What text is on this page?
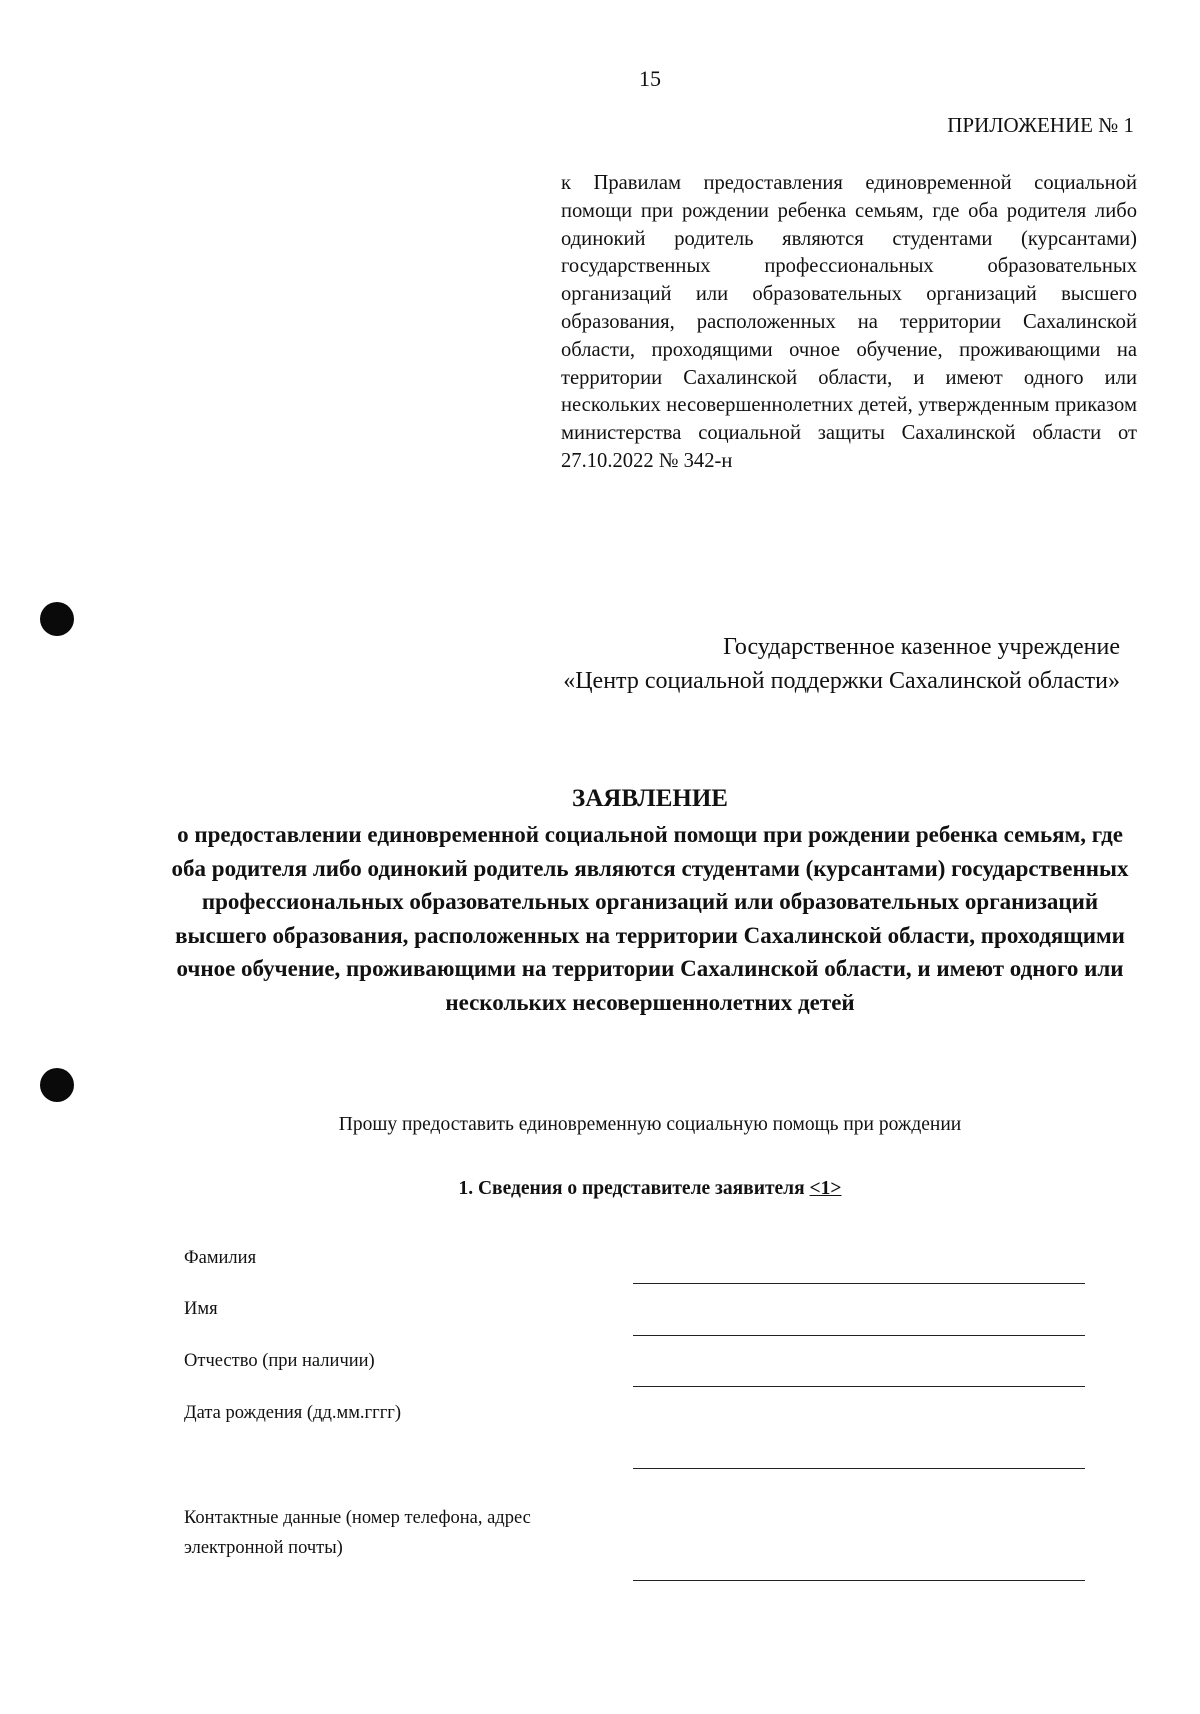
15
ПРИЛОЖЕНИЕ № 1
к Правилам предоставления единовременной социальной помощи при рождении ребенка семьям, где оба родителя либо одинокий родитель являются студентами (курсантами) государственных профессиональных образовательных организаций или образовательных организаций высшего образования, расположенных на территории Сахалинской области, проходящими очное обучение, проживающими на территории Сахалинской области, и имеют одного или нескольких несовершеннолетних детей, утвержденным приказом министерства социальной защиты Сахалинской области от 27.10.2022 № 342-н
Государственное казенное учреждение
«Центр социальной поддержки Сахалинской области»
ЗАЯВЛЕНИЕ
о предоставлении единовременной социальной помощи при рождении ребенка семьям, где оба родителя либо одинокий родитель являются студентами (курсантами) государственных профессиональных образовательных организаций или образовательных организаций высшего образования, расположенных на территории Сахалинской области, проходящими очное обучение, проживающими на территории Сахалинской области, и имеют одного или нескольких несовершеннолетних детей
Прошу предоставить единовременную социальную помощь при рождении
1. Сведения о представителе заявителя <1>
Фамилия
Имя
Отчество (при наличии)
Дата рождения (дд.мм.гггг)
Контактные данные (номер телефона, адрес электронной почты)
